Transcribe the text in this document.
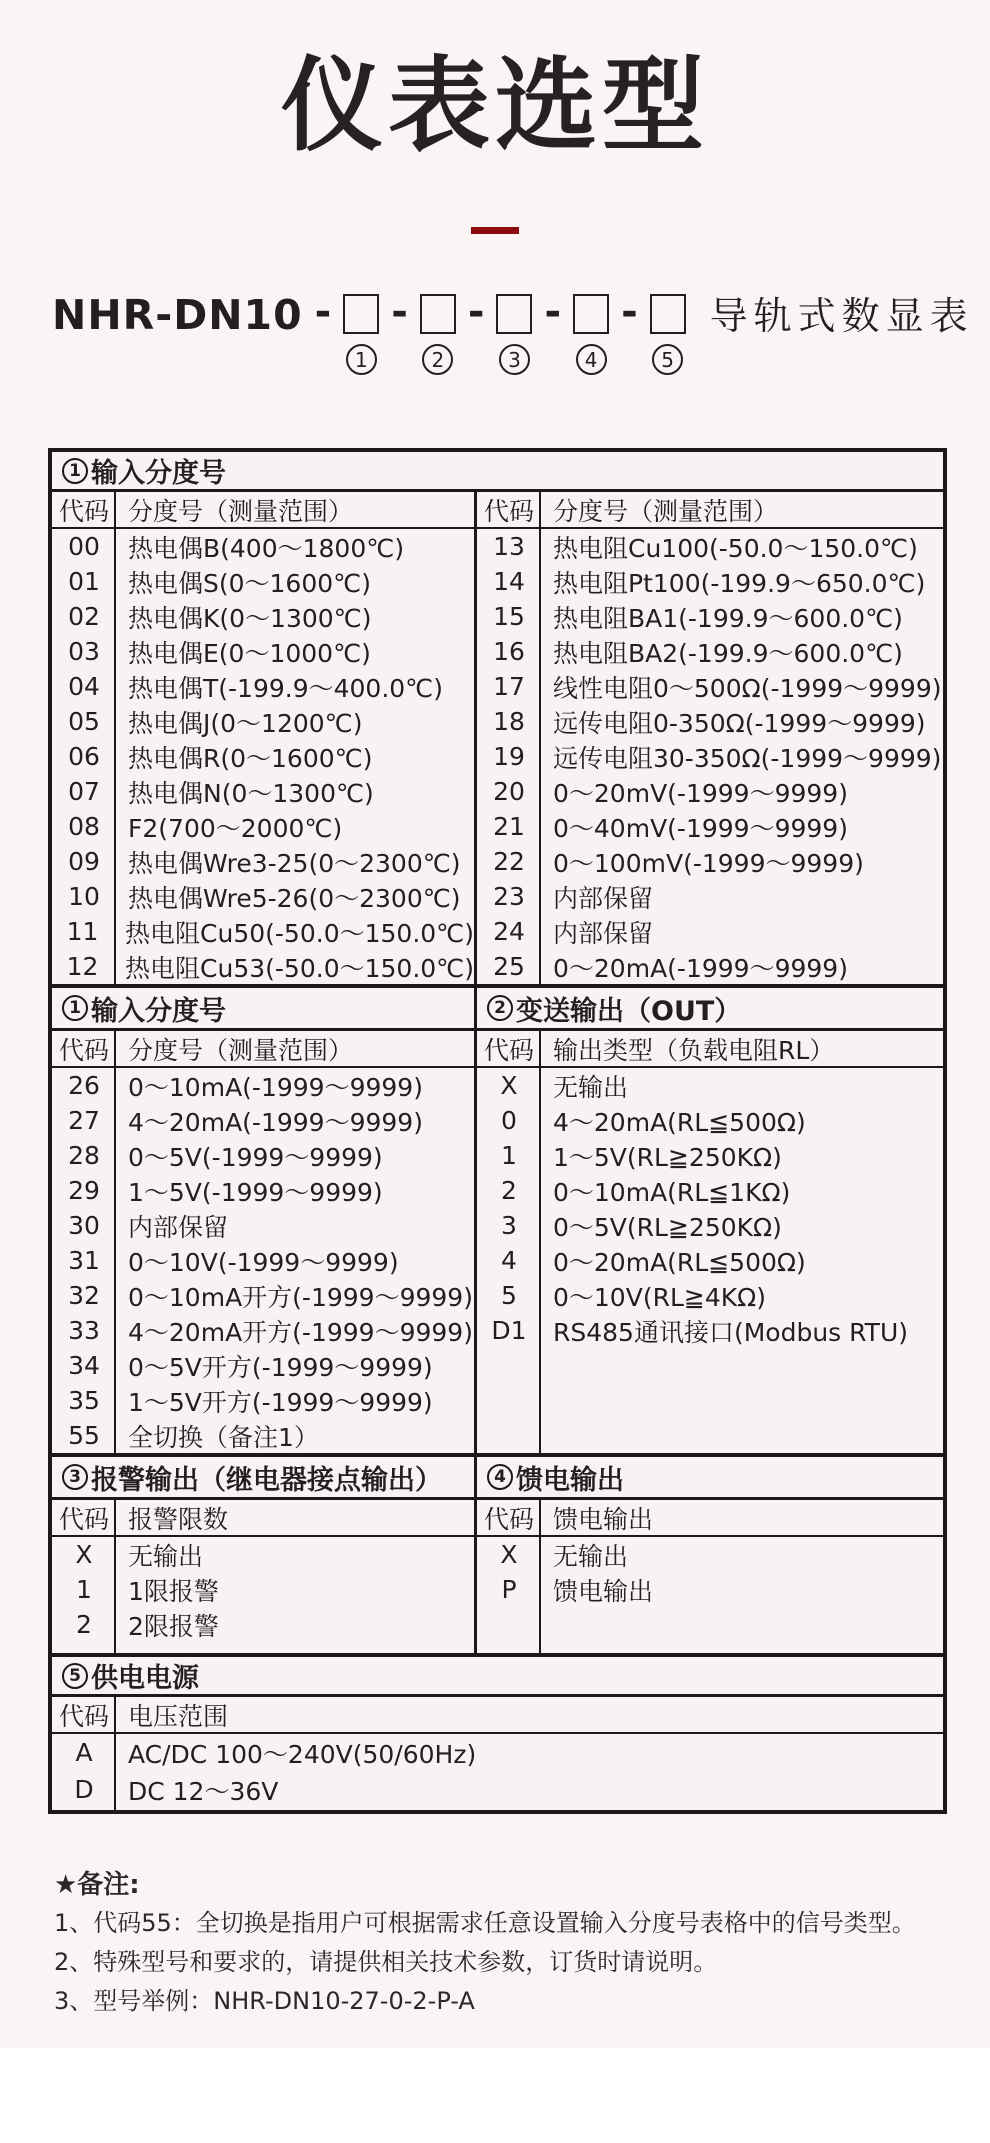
仪表选型
NHR-DN10 -
1
-
2
-
3
-
4
-
5
导轨式数显表
1 输入分度号
代码 分度号（测量范围）
00	热电偶B(400～1800℃)
01	热电偶S(0～1600℃)
02	热电偶K(0～1300℃)
03	热电偶E(0～1000℃)
04	热电偶T(-199.9～400.0℃)
05	热电偶J(0～1200℃)
06	热电偶R(0～1600℃)
07	热电偶N(0～1300℃)
08	F2(700～2000℃)
09	热电偶Wre3-25(0～2300℃)
10	热电偶Wre5-26(0～2300℃)
11	热电阻Cu50(-50.0～150.0℃)
12	热电阻Cu53(-50.0～150.0℃)
代码 分度号（测量范围）
13	热电阻Cu100(-50.0～150.0℃)
14	热电阻Pt100(-199.9～650.0℃)
15	热电阻BA1(-199.9～600.0℃)
16	热电阻BA2(-199.9～600.0℃)
17	线性电阻0～500Ω(-1999～9999)
18	远传电阻0-350Ω(-1999～9999)
19	远传电阻30-350Ω(-1999～9999)
20	0～20mV(-1999～9999)
21	0～40mV(-1999～9999)
22	0～100mV(-1999～9999)
23	内部保留
24	内部保留
25	0～20mA(-1999～9999)
1 输入分度号	2 变送输出（OUT）
代码 分度号（测量范围）
26	0～10mA(-1999～9999)
27	4～20mA(-1999～9999)
28	0～5V(-1999～9999)
29	1～5V(-1999～9999)
30	内部保留
31	0～10V(-1999～9999)
32	0～10mA开方(-1999～9999)
33	4～20mA开方(-1999～9999)
34	0～5V开方(-1999～9999)
35	1～5V开方(-1999～9999)
55	全切换（备注1）
代码 输出类型（负载电阻RL）
X	无输出
0	4～20mA(RL≦500Ω)
1	1～5V(RL≧250KΩ)
2	0～10mA(RL≦1KΩ)
3	0～5V(RL≧250KΩ)
4	0～20mA(RL≦500Ω)
5	0～10V(RL≧4KΩ)
D1	RS485通讯接口(Modbus RTU)
3 报警输出（继电器接点输出）	4 馈电输出
代码 报警限数
X	无输出
1	1限报警
2	2限报警
代码 馈电输出
X	无输出
P	馈电输出
5 供电电源
代码 电压范围
A	AC/DC 100～240V(50/60Hz)
D	DC 12～36V
★备注:
1、代码55：全切换是指用户可根据需求任意设置输入分度号表格中的信号类型。
2、特殊型号和要求的，请提供相关技术参数，订货时请说明。
3、型号举例：NHR-DN10-27-0-2-P-A
